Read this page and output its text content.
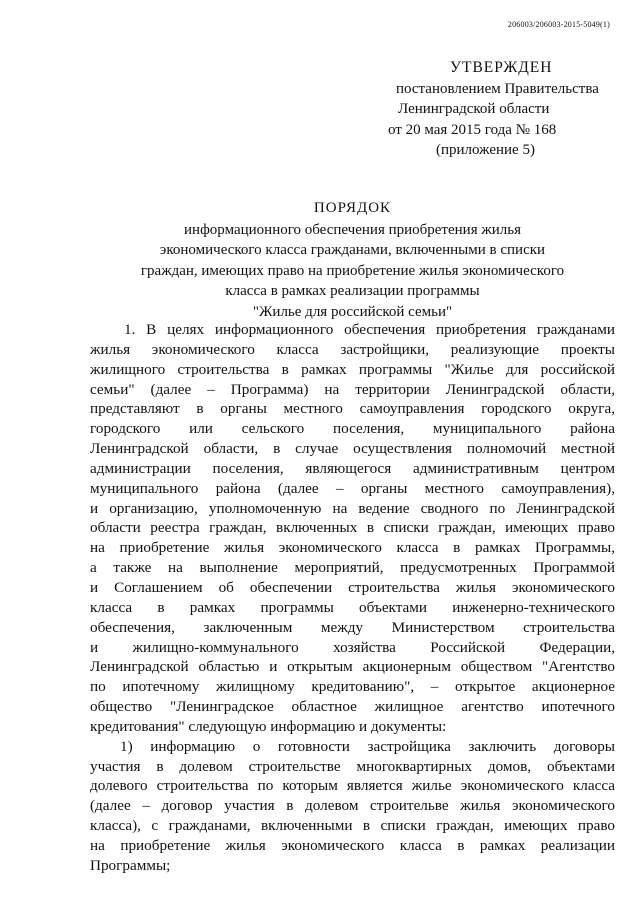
206003/206003-2015-5049(1)
УТВЕРЖДЕН
постановлением Правительства
Ленинградской области
от 20 мая 2015 года № 168
(приложение 5)
ПОРЯДОК
информационного обеспечения приобретения жилья
экономического класса гражданами, включенными в списки
граждан, имеющих право на приобретение жилья экономического
класса в рамках реализации программы
"Жилье для российской семьи"
1. В целях информационного обеспечения приобретения гражданами
жилья экономического класса застройщики, реализующие проекты
жилищного строительства в рамках программы "Жилье для российской
семьи" (далее – Программа) на территории Ленинградской области,
представляют в органы местного самоуправления городского округа,
городского или сельского поселения, муниципального района
Ленинградской области, в случае осуществления полномочий местной
администрации поселения, являющегося административным центром
муниципального района (далее – органы местного самоуправления),
и организацию, уполномоченную на ведение сводного по Ленинградской
области реестра граждан, включенных в списки граждан, имеющих право
на приобретение жилья экономического класса в рамках Программы,
а также на выполнение мероприятий, предусмотренных Программой
и Соглашением об обеспечении строительства жилья экономического
класса в рамках программы объектами инженерно-технического
обеспечения, заключенным между Министерством строительства
и жилищно-коммунального хозяйства Российской Федерации,
Ленинградской областью и открытым акционерным обществом "Агентство
по ипотечному жилищному кредитованию", – открытое акционерное
общество "Ленинградское областное жилищное агентство ипотечного
кредитования" следующую информацию и документы:
1) информацию о готовности застройщика заключить договоры
участия в долевом строительстве многоквартирных домов, объектами
долевого строительства по которым является жилье экономического класса
(далее – договор участия в долевом строительве жилья экономического
класса), с гражданами, включенными в списки граждан, имеющих право
на приобретение жилья экономического класса в рамках реализации
Программы;
